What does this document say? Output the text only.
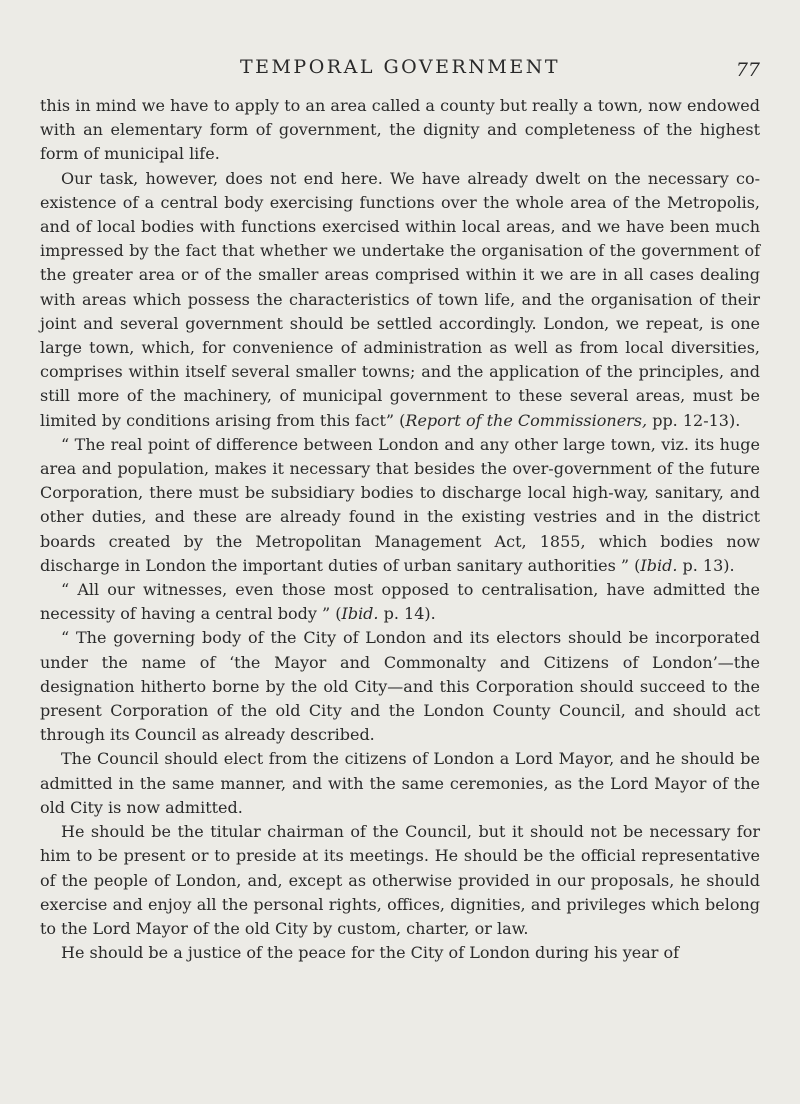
TEMPORAL GOVERNMENT	77

this in mind we have to apply to an area called a county but really a town, now endowed with an elementary form of government, the dignity and completeness of the highest form of municipal life.

Our task, however, does not end here. We have already dwelt on the necessary co-existence of a central body exercising functions over the whole area of the Metropolis, and of local bodies with functions exercised within local areas, and we have been much impressed by the fact that whether we undertake the organisation of the government of the greater area or of the smaller areas comprised within it we are in all cases dealing with areas which possess the characteristics of town life, and the organisation of their joint and several government should be settled accordingly. London, we repeat, is one large town, which, for convenience of administration as well as from local diversities, comprises within itself several smaller towns; and the application of the principles, and still more of the machinery, of municipal government to these several areas, must be limited by conditions arising from this fact” (Report of the Commissioners, pp. 12-13).

“ The real point of difference between London and any other large town, viz. its huge area and population, makes it necessary that besides the over-government of the future Corporation, there must be subsidiary bodies to discharge local high-way, sanitary, and other duties, and these are already found in the existing vestries and in the district boards created by the Metropolitan Management Act, 1855, which bodies now discharge in London the important duties of urban sanitary authorities ” (Ibid. p. 13).

“ All our witnesses, even those most opposed to centralisation, have admitted the necessity of having a central body ” (Ibid. p. 14).

“ The governing body of the City of London and its electors should be incorporated under the name of ‘the Mayor and Commonalty and Citizens of London’—the designation hitherto borne by the old City—and this Corporation should succeed to the present Corporation of the old City and the London County Council, and should act through its Council as already described.

The Council should elect from the citizens of London a Lord Mayor, and he should be admitted in the same manner, and with the same ceremonies, as the Lord Mayor of the old City is now admitted.

He should be the titular chairman of the Council, but it should not be necessary for him to be present or to preside at its meetings. He should be the official representative of the people of London, and, except as otherwise provided in our proposals, he should exercise and enjoy all the personal rights, offices, dignities, and privileges which belong to the Lord Mayor of the old City by custom, charter, or law.

He should be a justice of the peace for the City of London during his year of
